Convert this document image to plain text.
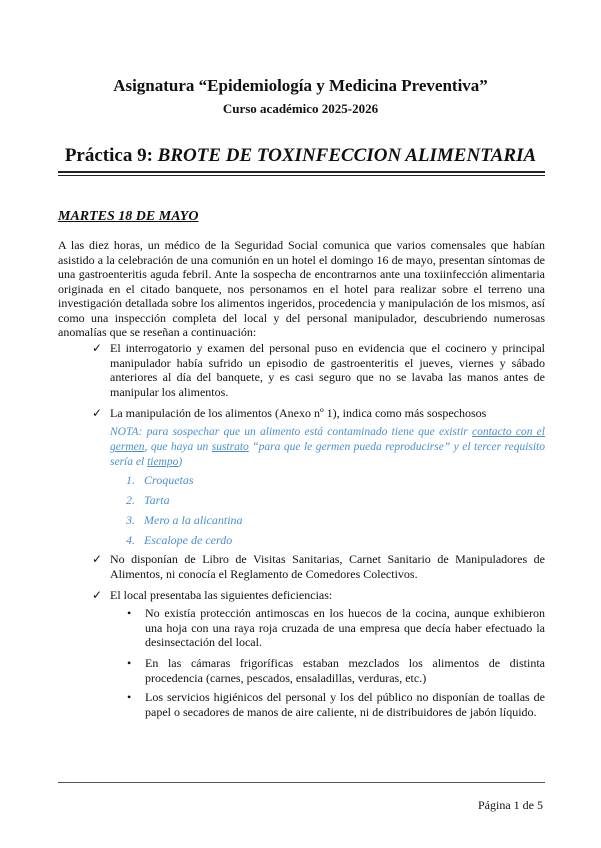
Asignatura “Epidemiología y Medicina Preventiva”
Curso académico 2025-2026
Práctica 9: BROTE DE TOXINFECCION ALIMENTARIA
MARTES 18 DE MAYO
A las diez horas, un médico de la Seguridad Social comunica que varios comensales que habían asistido a la celebración de una comunión en un hotel el domingo 16 de mayo, presentan síntomas de una gastroenteritis aguda febril. Ante la sospecha de encontrarnos ante una toxiinfección alimentaria originada en el citado banquete, nos personamos en el hotel para realizar sobre el terreno una investigación detallada sobre los alimentos ingeridos, procedencia y manipulación de los mismos, así como una inspección completa del local y del personal manipulador, descubriendo numerosas anomalías que se reseñan a continuación:
✓ El interrogatorio y examen del personal puso en evidencia que el cocinero y principal manipulador había sufrido un episodio de gastroenteritis el jueves, viernes y sábado anteriores al día del banquete, y es casi seguro que no se lavaba las manos antes de manipular los alimentos.
✓ La manipulación de los alimentos (Anexo nº 1), indica como más sospechosos
NOTA: para sospechar que un alimento está contaminado tiene que existir contacto con el germen, que haya un sustrato “para que le germen pueda reproducirse” y el tercer requisito sería el tiempo)
1. Croquetas
2. Tarta
3. Mero a la alicantina
4. Escalope de cerdo
✓ No disponían de Libro de Visitas Sanitarias, Carnet Sanitario de Manipuladores de Alimentos, ni conocía el Reglamento de Comedores Colectivos.
✓ El local presentaba las siguientes deficiencias:
• No existía protección antimoscas en los huecos de la cocina, aunque exhibieron una hoja con una raya roja cruzada de una empresa que decía haber efectuado la desinsectación del local.
• En las cámaras frigoríficas estaban mezclados los alimentos de distinta procedencia (carnes, pescados, ensaladillas, verduras, etc.)
• Los servicios higiénicos del personal y los del público no disponían de toallas de papel o secadores de manos de aire caliente, ni de distribuidores de jabón líquido.
Página 1 de 5
